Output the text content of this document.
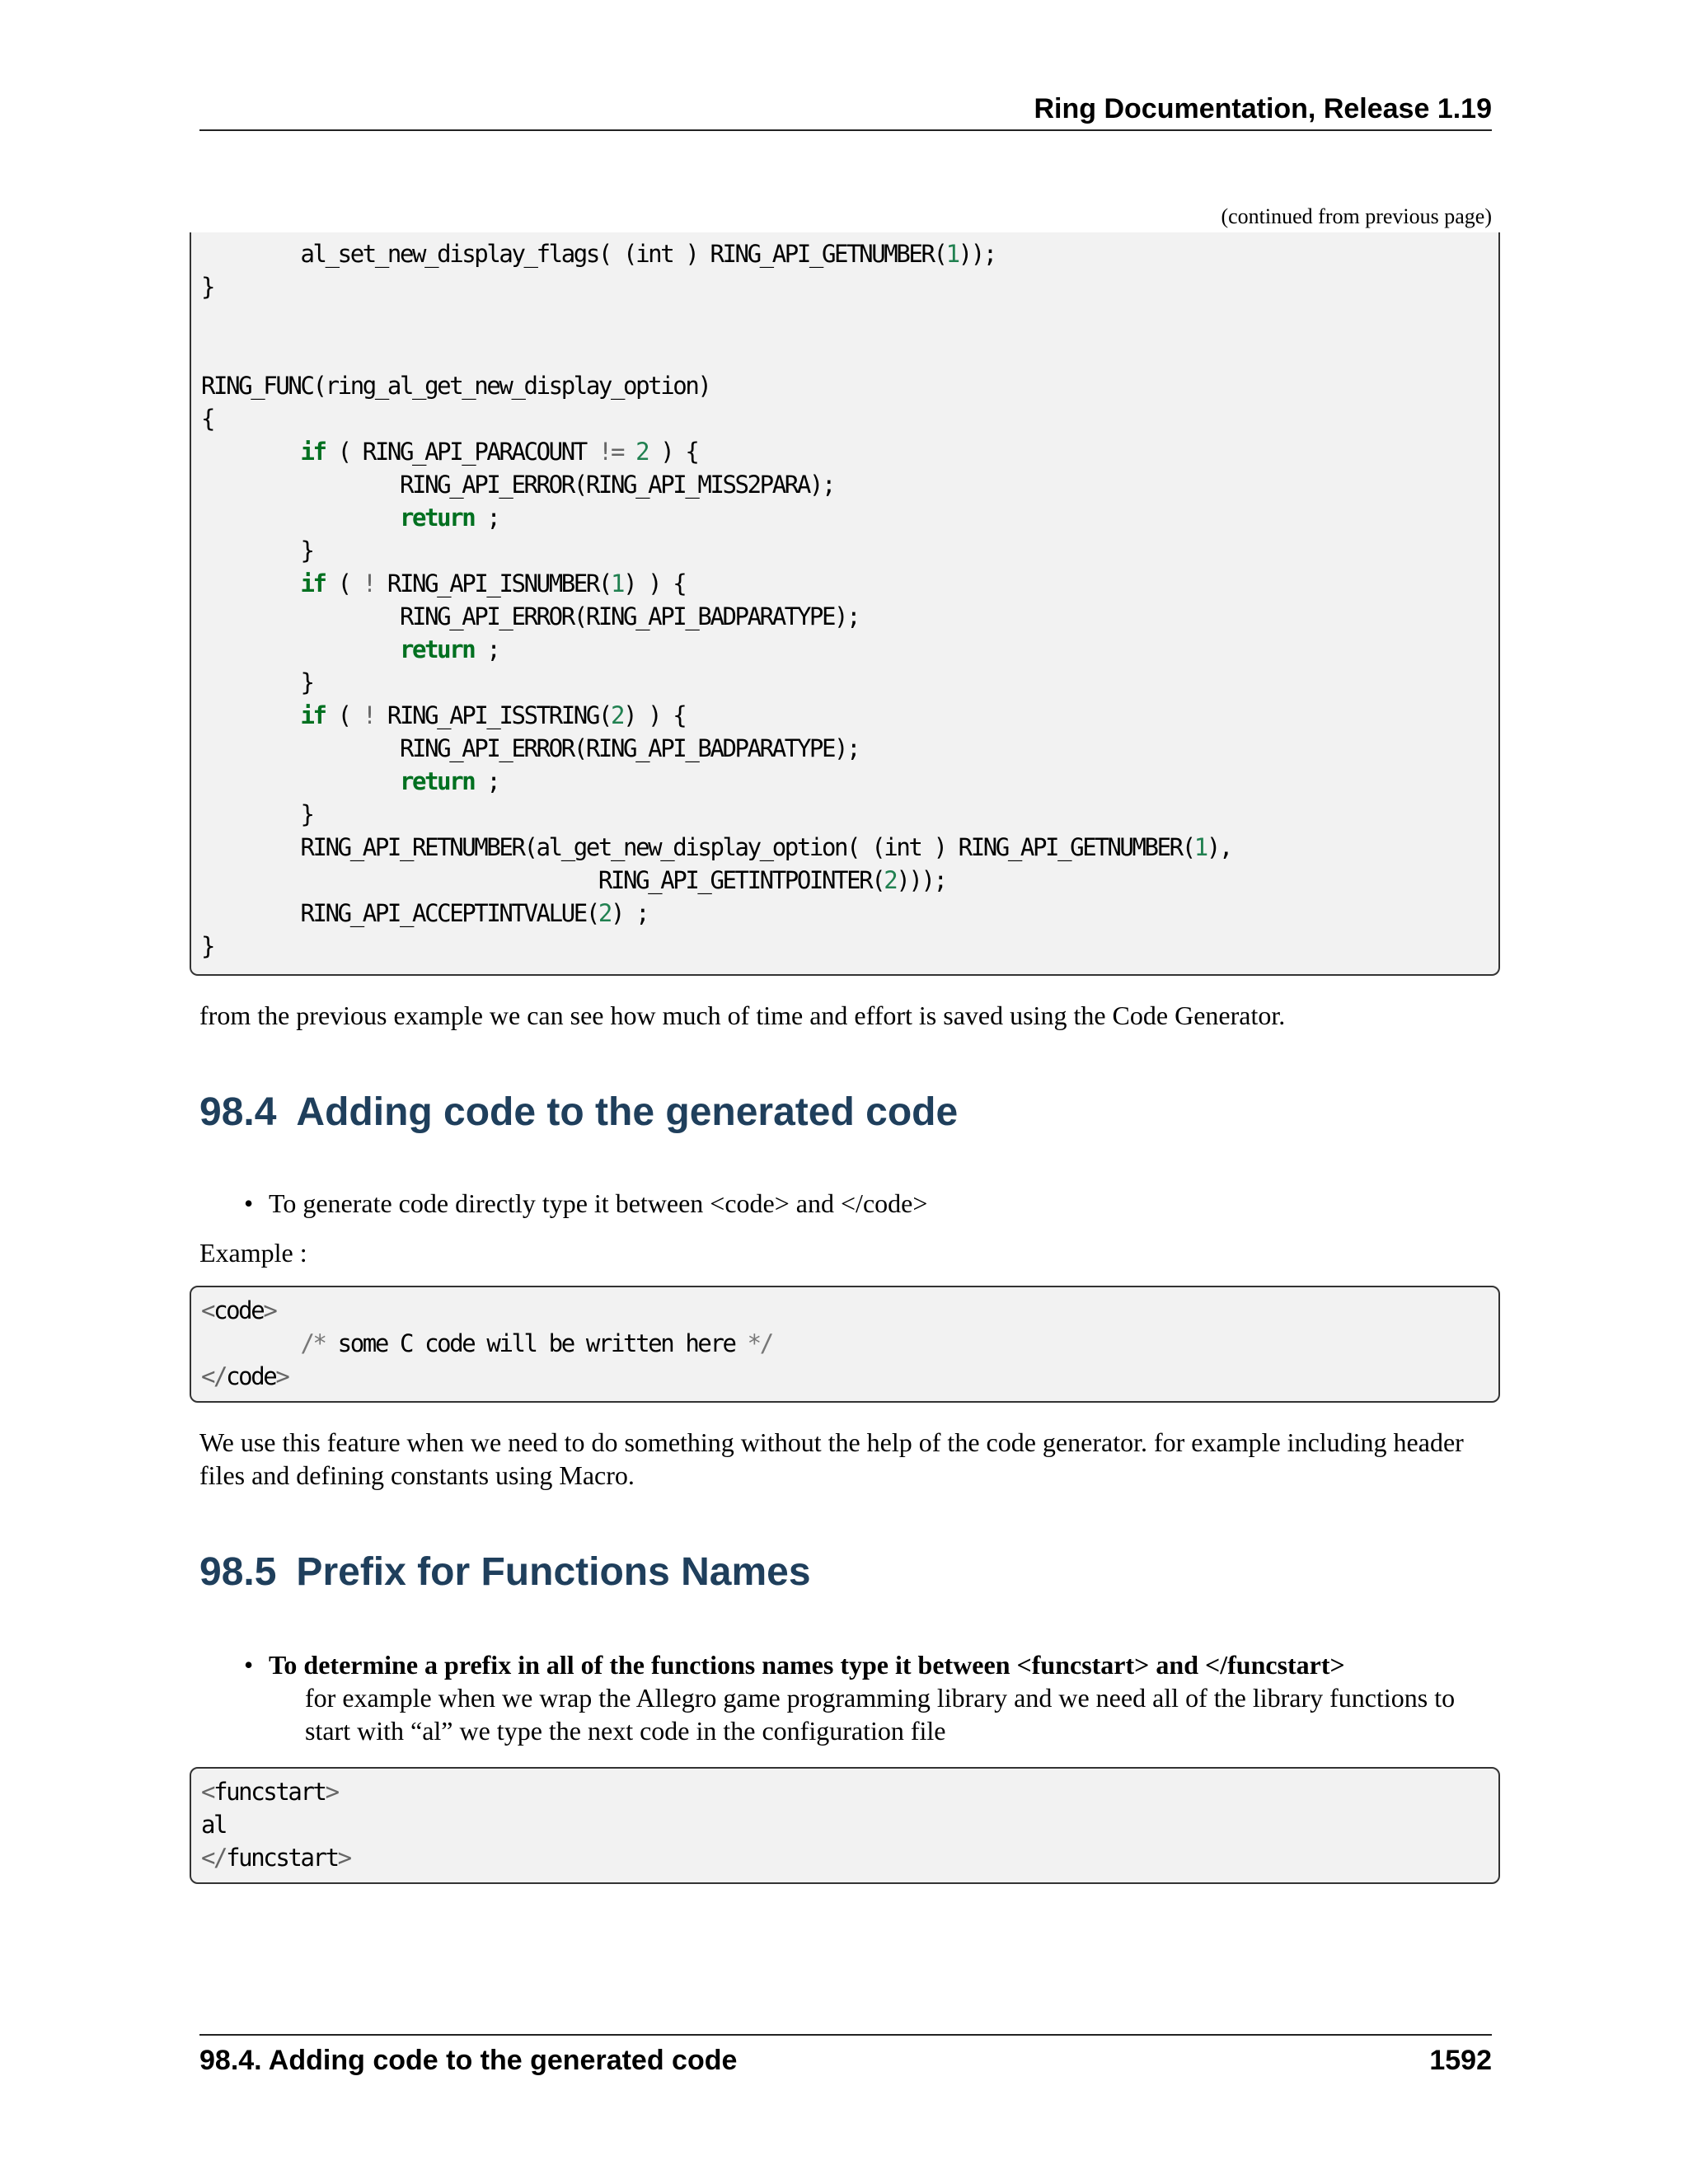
Ring Documentation, Release 1.19
(continued from previous page)
al_set_new_display_flags( (int ) RING_API_GETNUMBER(1));
}
RING_FUNC(ring_al_get_new_display_option)
{
if ( RING_API_PARACOUNT != 2 ) {
RING_API_ERROR(RING_API_MISS2PARA);
return ;
}
if ( ! RING_API_ISNUMBER(1) ) {
RING_API_ERROR(RING_API_BADPARATYPE);
return ;
}
if ( ! RING_API_ISSTRING(2) ) {
RING_API_ERROR(RING_API_BADPARATYPE);
return ;
}
RING_API_RETNUMBER(al_get_new_display_option( (int ) RING_API_GETNUMBER(1),
RING_API_GETINTPOINTER(2)));
RING_API_ACCEPTINTVALUE(2) ;
}
from the previous example we can see how much of time and effort is saved using the Code Generator.
98.4 Adding code to the generated code
• To generate code directly type it between <code> and </code>
Example :
<code>
/* some C code will be written here */
</code>
We use this feature when we need to do something without the help of the code generator. for example including header files and defining constants using Macro.
98.5 Prefix for Functions Names
• To determine a prefix in all of the functions names type it between <funcstart> and </funcstart>
for example when we wrap the Allegro game programming library and we need all of the library functions to start with “al” we type the next code in the configuration file
<funcstart>
al
</funcstart>
98.4. Adding code to the generated code	1592
